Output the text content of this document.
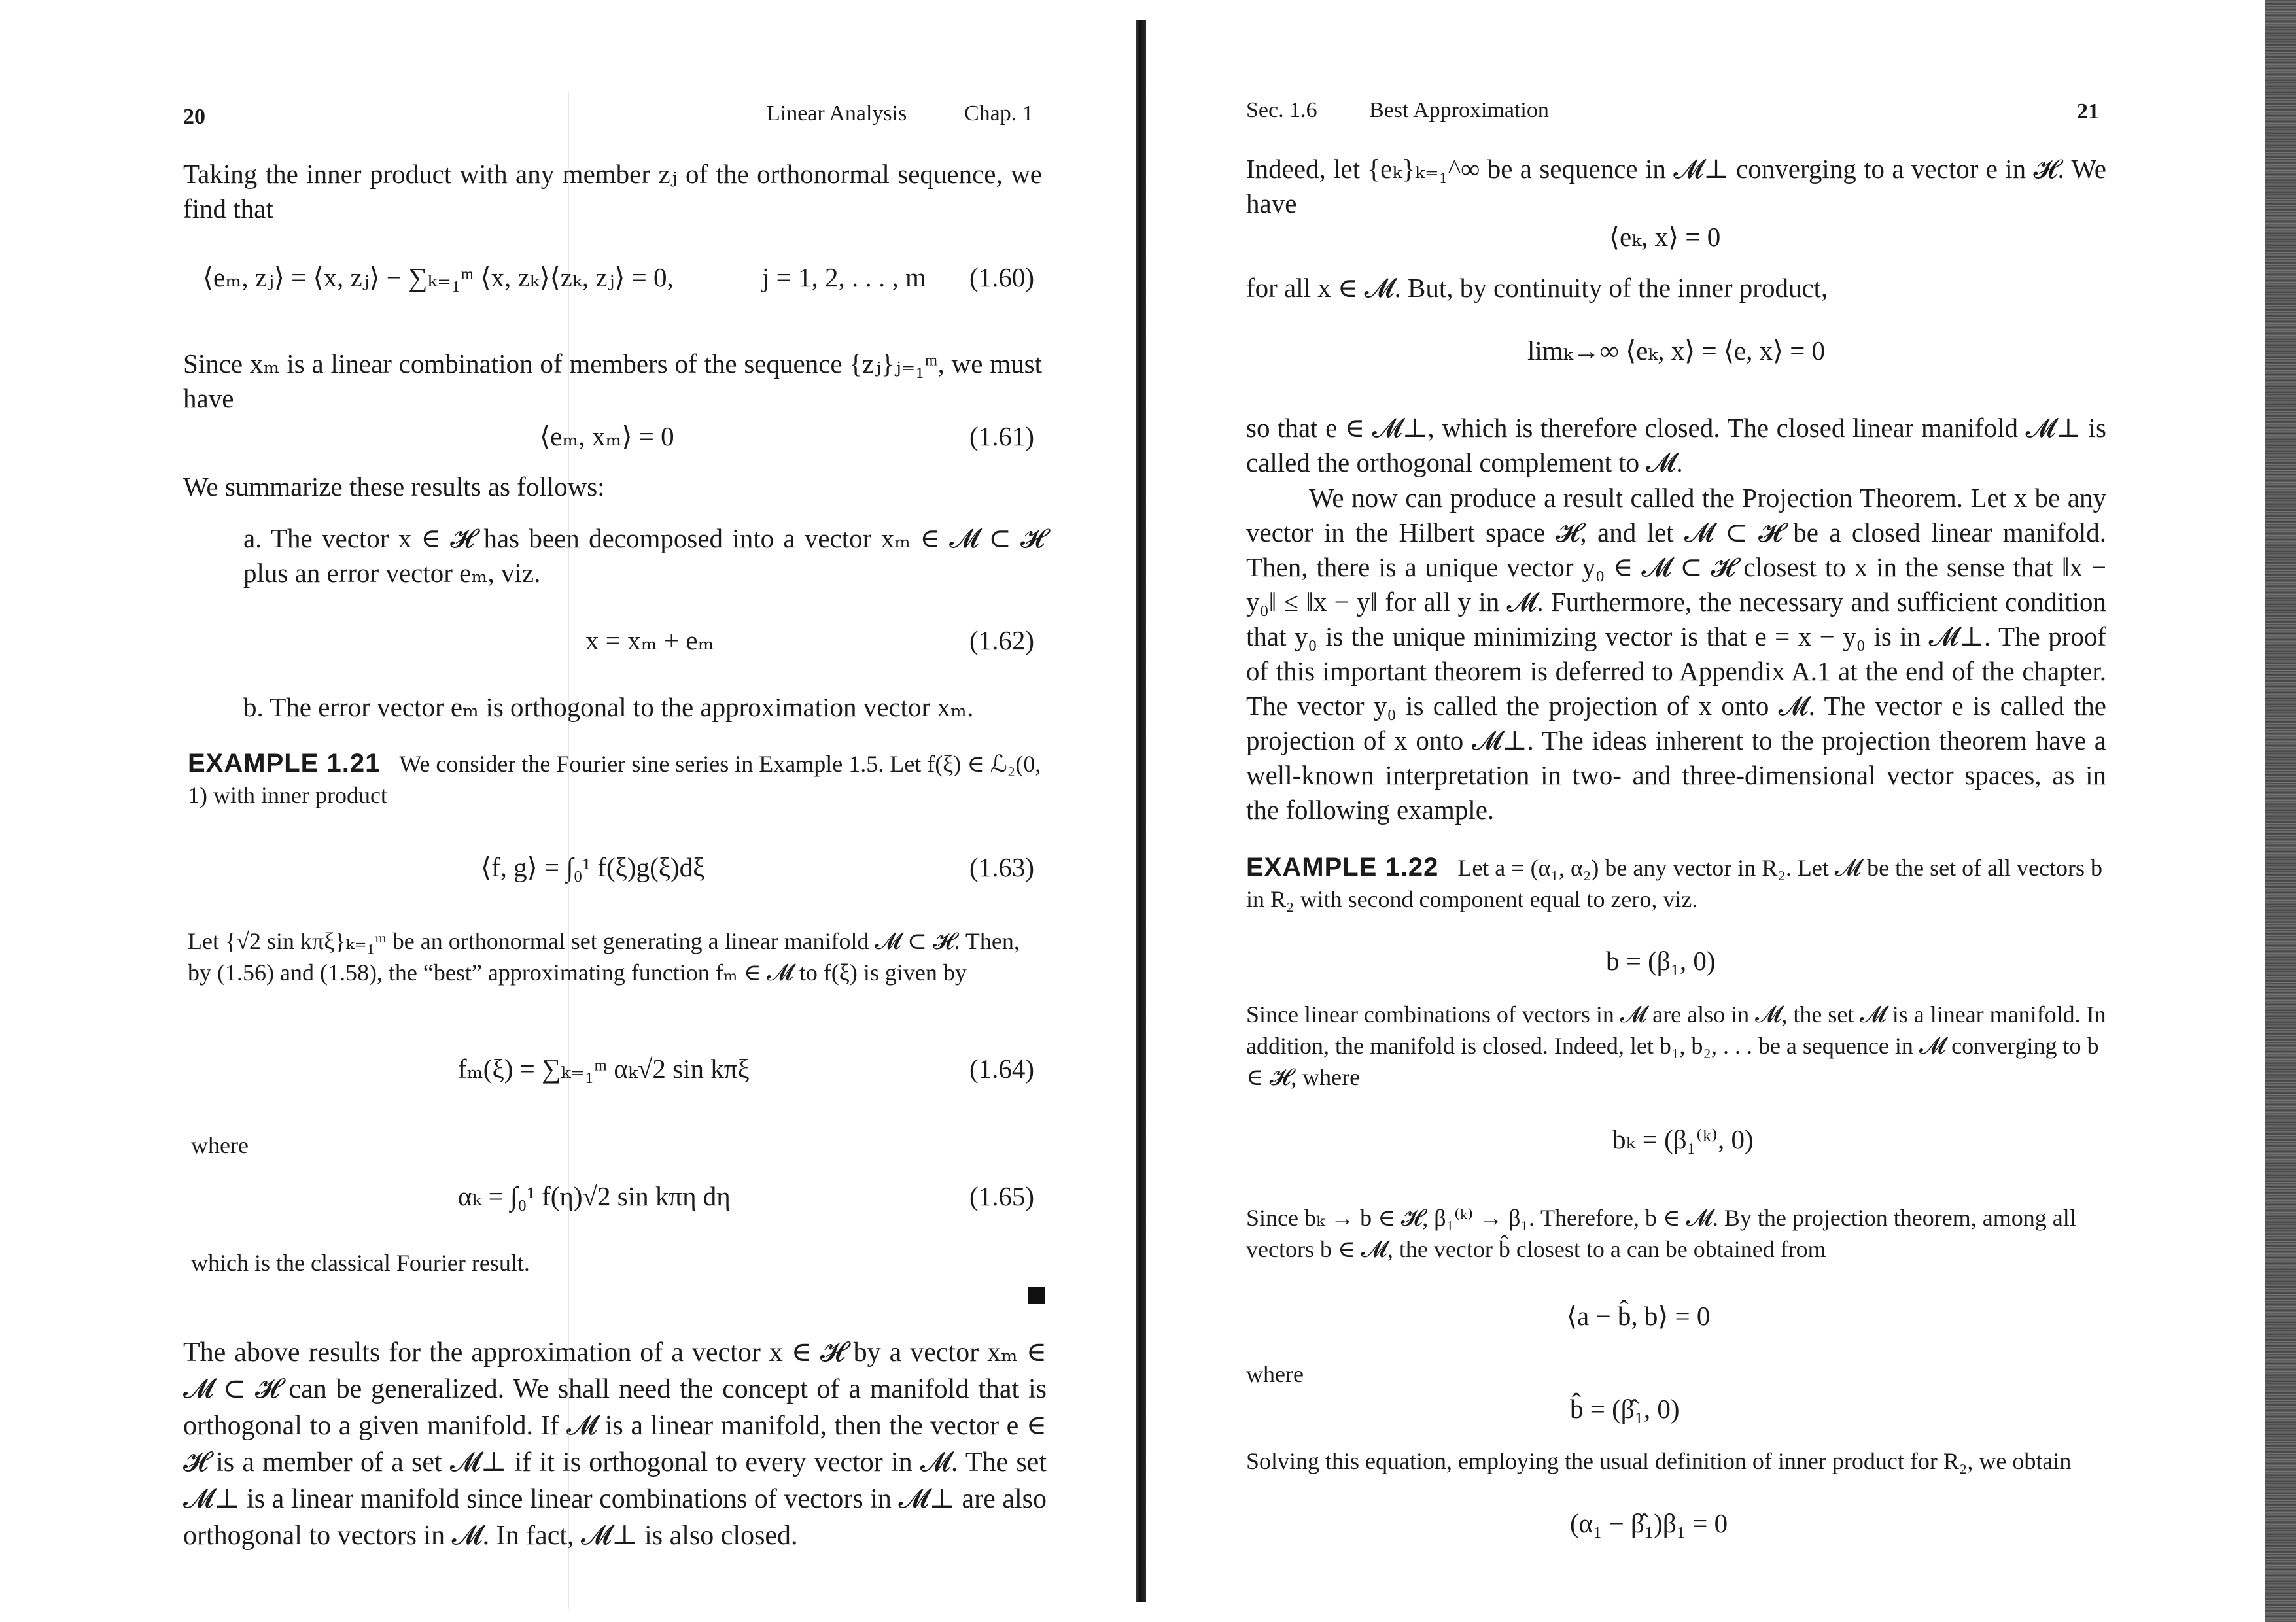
20	Linear Analysis	Chap. 1
Taking the inner product with any member zⱼ of the orthonormal sequence, we find that
⟨eₘ, zⱼ⟩ = ⟨x, zⱼ⟩ − ∑ₖ₌₁ᵐ ⟨x, zₖ⟩⟨zₖ, zⱼ⟩ = 0,	j = 1, 2, . . . , m (1.60)
Since xₘ is a linear combination of members of the sequence {zⱼ}ⱼ₌₁ᵐ, we must have
⟨eₘ, xₘ⟩ = 0	(1.61)
We summarize these results as follows:
a. The vector x ∈ 𝓗 has been decomposed into a vector xₘ ∈ 𝓜 ⊂ 𝓗 plus an error vector eₘ, viz.
x = xₘ + eₘ	(1.62)
b. The error vector eₘ is orthogonal to the approximation vector xₘ.
EXAMPLE 1.21 We consider the Fourier sine series in Example 1.5. Let f(ξ) ∈ ℒ₂(0, 1) with inner product
⟨f, g⟩ = ∫₀¹ f(ξ)g(ξ)dξ	(1.63)
Let {√2 sin kπξ}ₖ₌₁ᵐ be an orthonormal set generating a linear manifold 𝓜 ⊂ 𝓗. Then, by (1.56) and (1.58), the “best” approximating function fₘ ∈ 𝓜 to f(ξ) is given by
fₘ(ξ) = ∑ₖ₌₁ᵐ αₖ√2 sin kπξ	(1.64)
where
αₖ = ∫₀¹ f(η)√2 sin kπη dη	(1.65)
which is the classical Fourier result.
The above results for the approximation of a vector x ∈ 𝓗 by a vector xₘ ∈ 𝓜 ⊂ 𝓗 can be generalized. We shall need the concept of a manifold that is orthogonal to a given manifold. If 𝓜 is a linear manifold, then the vector e ∈ 𝓗 is a member of a set 𝓜⊥ if it is orthogonal to every vector in 𝓜. The set 𝓜⊥ is a linear manifold since linear combinations of vectors in 𝓜⊥ are also orthogonal to vectors in 𝓜. In fact, 𝓜⊥ is also closed.
Sec. 1.6 Best Approximation	21
Indeed, let {eₖ}ₖ₌₁^∞ be a sequence in 𝓜⊥ converging to a vector e in 𝓗. We have
⟨eₖ, x⟩ = 0
for all x ∈ 𝓜. But, by continuity of the inner product,
limₖ→∞ ⟨eₖ, x⟩ = ⟨e, x⟩ = 0
so that e ∈ 𝓜⊥, which is therefore closed. The closed linear manifold 𝓜⊥ is called the orthogonal complement to 𝓜.
We now can produce a result called the Projection Theorem. Let x be any vector in the Hilbert space 𝓗, and let 𝓜 ⊂ 𝓗 be a closed linear manifold. Then, there is a unique vector y₀ ∈ 𝓜 ⊂ 𝓗 closest to x in the sense that ‖x − y₀‖ ≤ ‖x − y‖ for all y in 𝓜. Furthermore, the necessary and sufficient condition that y₀ is the unique minimizing vector is that e = x − y₀ is in 𝓜⊥. The proof of this important theorem is deferred to Appendix A.1 at the end of the chapter. The vector y₀ is called the projection of x onto 𝓜. The vector e is called the projection of x onto 𝓜⊥. The ideas inherent to the projection theorem have a well-known interpretation in two- and three-dimensional vector spaces, as in the following example.
EXAMPLE 1.22 Let a = (α₁, α₂) be any vector in R₂. Let 𝓜 be the set of all vectors b in R₂ with second component equal to zero, viz.
b = (β₁, 0)
Since linear combinations of vectors in 𝓜 are also in 𝓜, the set 𝓜 is a linear manifold. In addition, the manifold is closed. Indeed, let b₁, b₂, . . . be a sequence in 𝓜 converging to b ∈ 𝓗, where
bₖ = (β₁⁽ᵏ⁾, 0)
Since bₖ → b ∈ 𝓗, β₁⁽ᵏ⁾ → β₁. Therefore, b ∈ 𝓜. By the projection theorem, among all vectors b ∈ 𝓜, the vector b̂ closest to a can be obtained from
⟨a − b̂, b⟩ = 0
where
b̂ = (β̂₁, 0)
Solving this equation, employing the usual definition of inner product for R₂, we obtain
(α₁ − β̂₁)β₁ = 0
